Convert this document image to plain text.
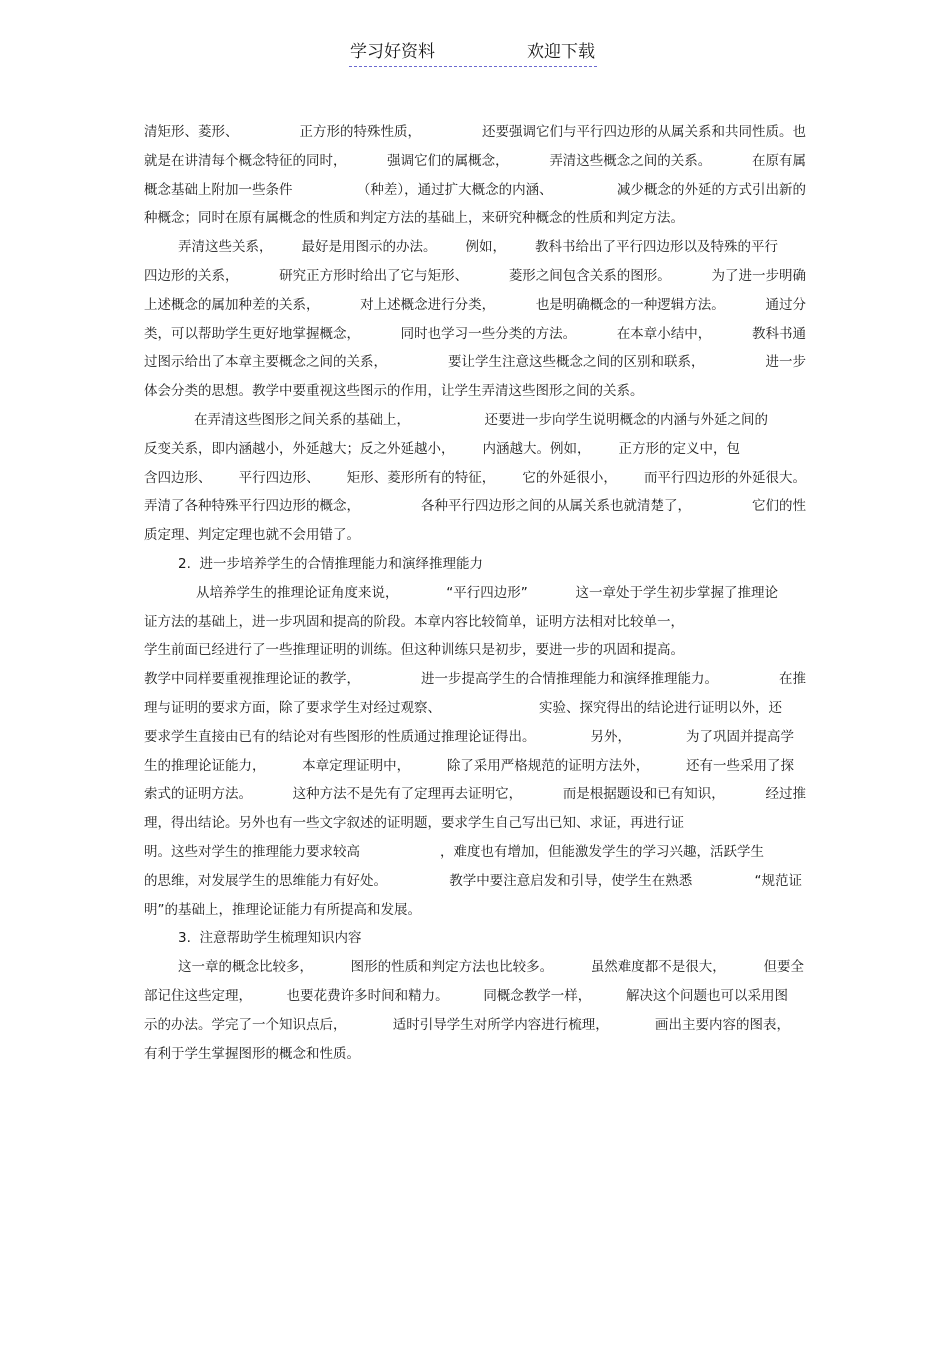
学习好资料	欢迎下载
清矩形、菱形、	正方形的特殊性质，	还要强调它们与平行四边形的从属关系和共同性质。也
就是在讲清每个概念特征的同时，	强调它们的属概念，	弄清这些概念之间的关系。	在原有属
概念基础上附加一些条件	（种差），通过扩大概念的内涵、	减少概念的外延的方式引出新的
种概念；同时在原有属概念的性质和判定方法的基础上，来研究种概念的性质和判定方法。
弄清这些关系， 最好是用图示的办法。 例如， 教科书给出了平行四边形以及特殊的平行
四边形的关系，	研究正方形时给出了它与矩形、	菱形之间包含关系的图形。	为了进一步明确
上述概念的属加种差的关系，	对上述概念进行分类，	也是明确概念的一种逻辑方法。	通过分
类，可以帮助学生更好地掌握概念，	同时也学习一些分类的方法。	在本章小结中，	教科书通
过图示给出了本章主要概念之间的关系，	要让学生注意这些概念之间的区别和联系，	进一步
体会分类的思想。教学中要重视这些图示的作用，让学生弄清这些图形之间的关系。
在弄清这些图形之间关系的基础上，	还要进一步向学生说明概念的内涵与外延之间的
反变关系，即内涵越小，外延越大；反之外延越小， 内涵越大。例如， 正方形的定义中，包
含四边形、 平行四边形、 矩形、菱形所有的特征， 它的外延很小， 而平行四边形的外延很大。
弄清了各种特殊平行四边形的概念，	各种平行四边形之间的从属关系也就清楚了，	它们的性
质定理、判定定理也就不会用错了。
2.  进一步培养学生的合情推理能力和演绎推理能力
从培养学生的推理论证角度来说，	“平行四边形”	这一章处于学生初步掌握了推理论
证方法的基础上，进一步巩固和提高的阶段。本章内容比较简单，证明方法相对比较单一，
学生前面已经进行了一些推理证明的训练。但这种训练只是初步，要进一步的巩固和提高。
教学中同样要重视推理论证的教学，	进一步提高学生的合情推理能力和演绎推理能力。	在推
理与证明的要求方面，除了要求学生对经过观察、	实验、探究得出的结论进行证明以外，还
要求学生直接由已有的结论对有些图形的性质通过推理论证得出。	另外，	为了巩固并提高学
生的推理论证能力，	本章定理证明中，	除了采用严格规范的证明方法外，	还有一些采用了探
索式的证明方法。	这种方法不是先有了定理再去证明它，	而是根据题设和已有知识，	经过推
理，得出结论。另外也有一些文字叙述的证明题，要求学生自己写出已知、求证，再进行证
明。这些对学生的推理能力要求较高	，难度也有增加，但能激发学生的学习兴趣，活跃学生
的思维，对发展学生的思维能力有好处。	教学中要注意启发和引导，使学生在熟悉	“规范证
明”的基础上，推理论证能力有所提高和发展。
3.  注意帮助学生梳理知识内容
这一章的概念比较多，	图形的性质和判定方法也比较多。	虽然难度都不是很大，	但要全
部记住这些定理，	也要花费许多时间和精力。	同概念教学一样，	解决这个问题也可以采用图
示的办法。学完了一个知识点后，	适时引导学生对所学内容进行梳理，	画出主要内容的图表，
有利于学生掌握图形的概念和性质。
